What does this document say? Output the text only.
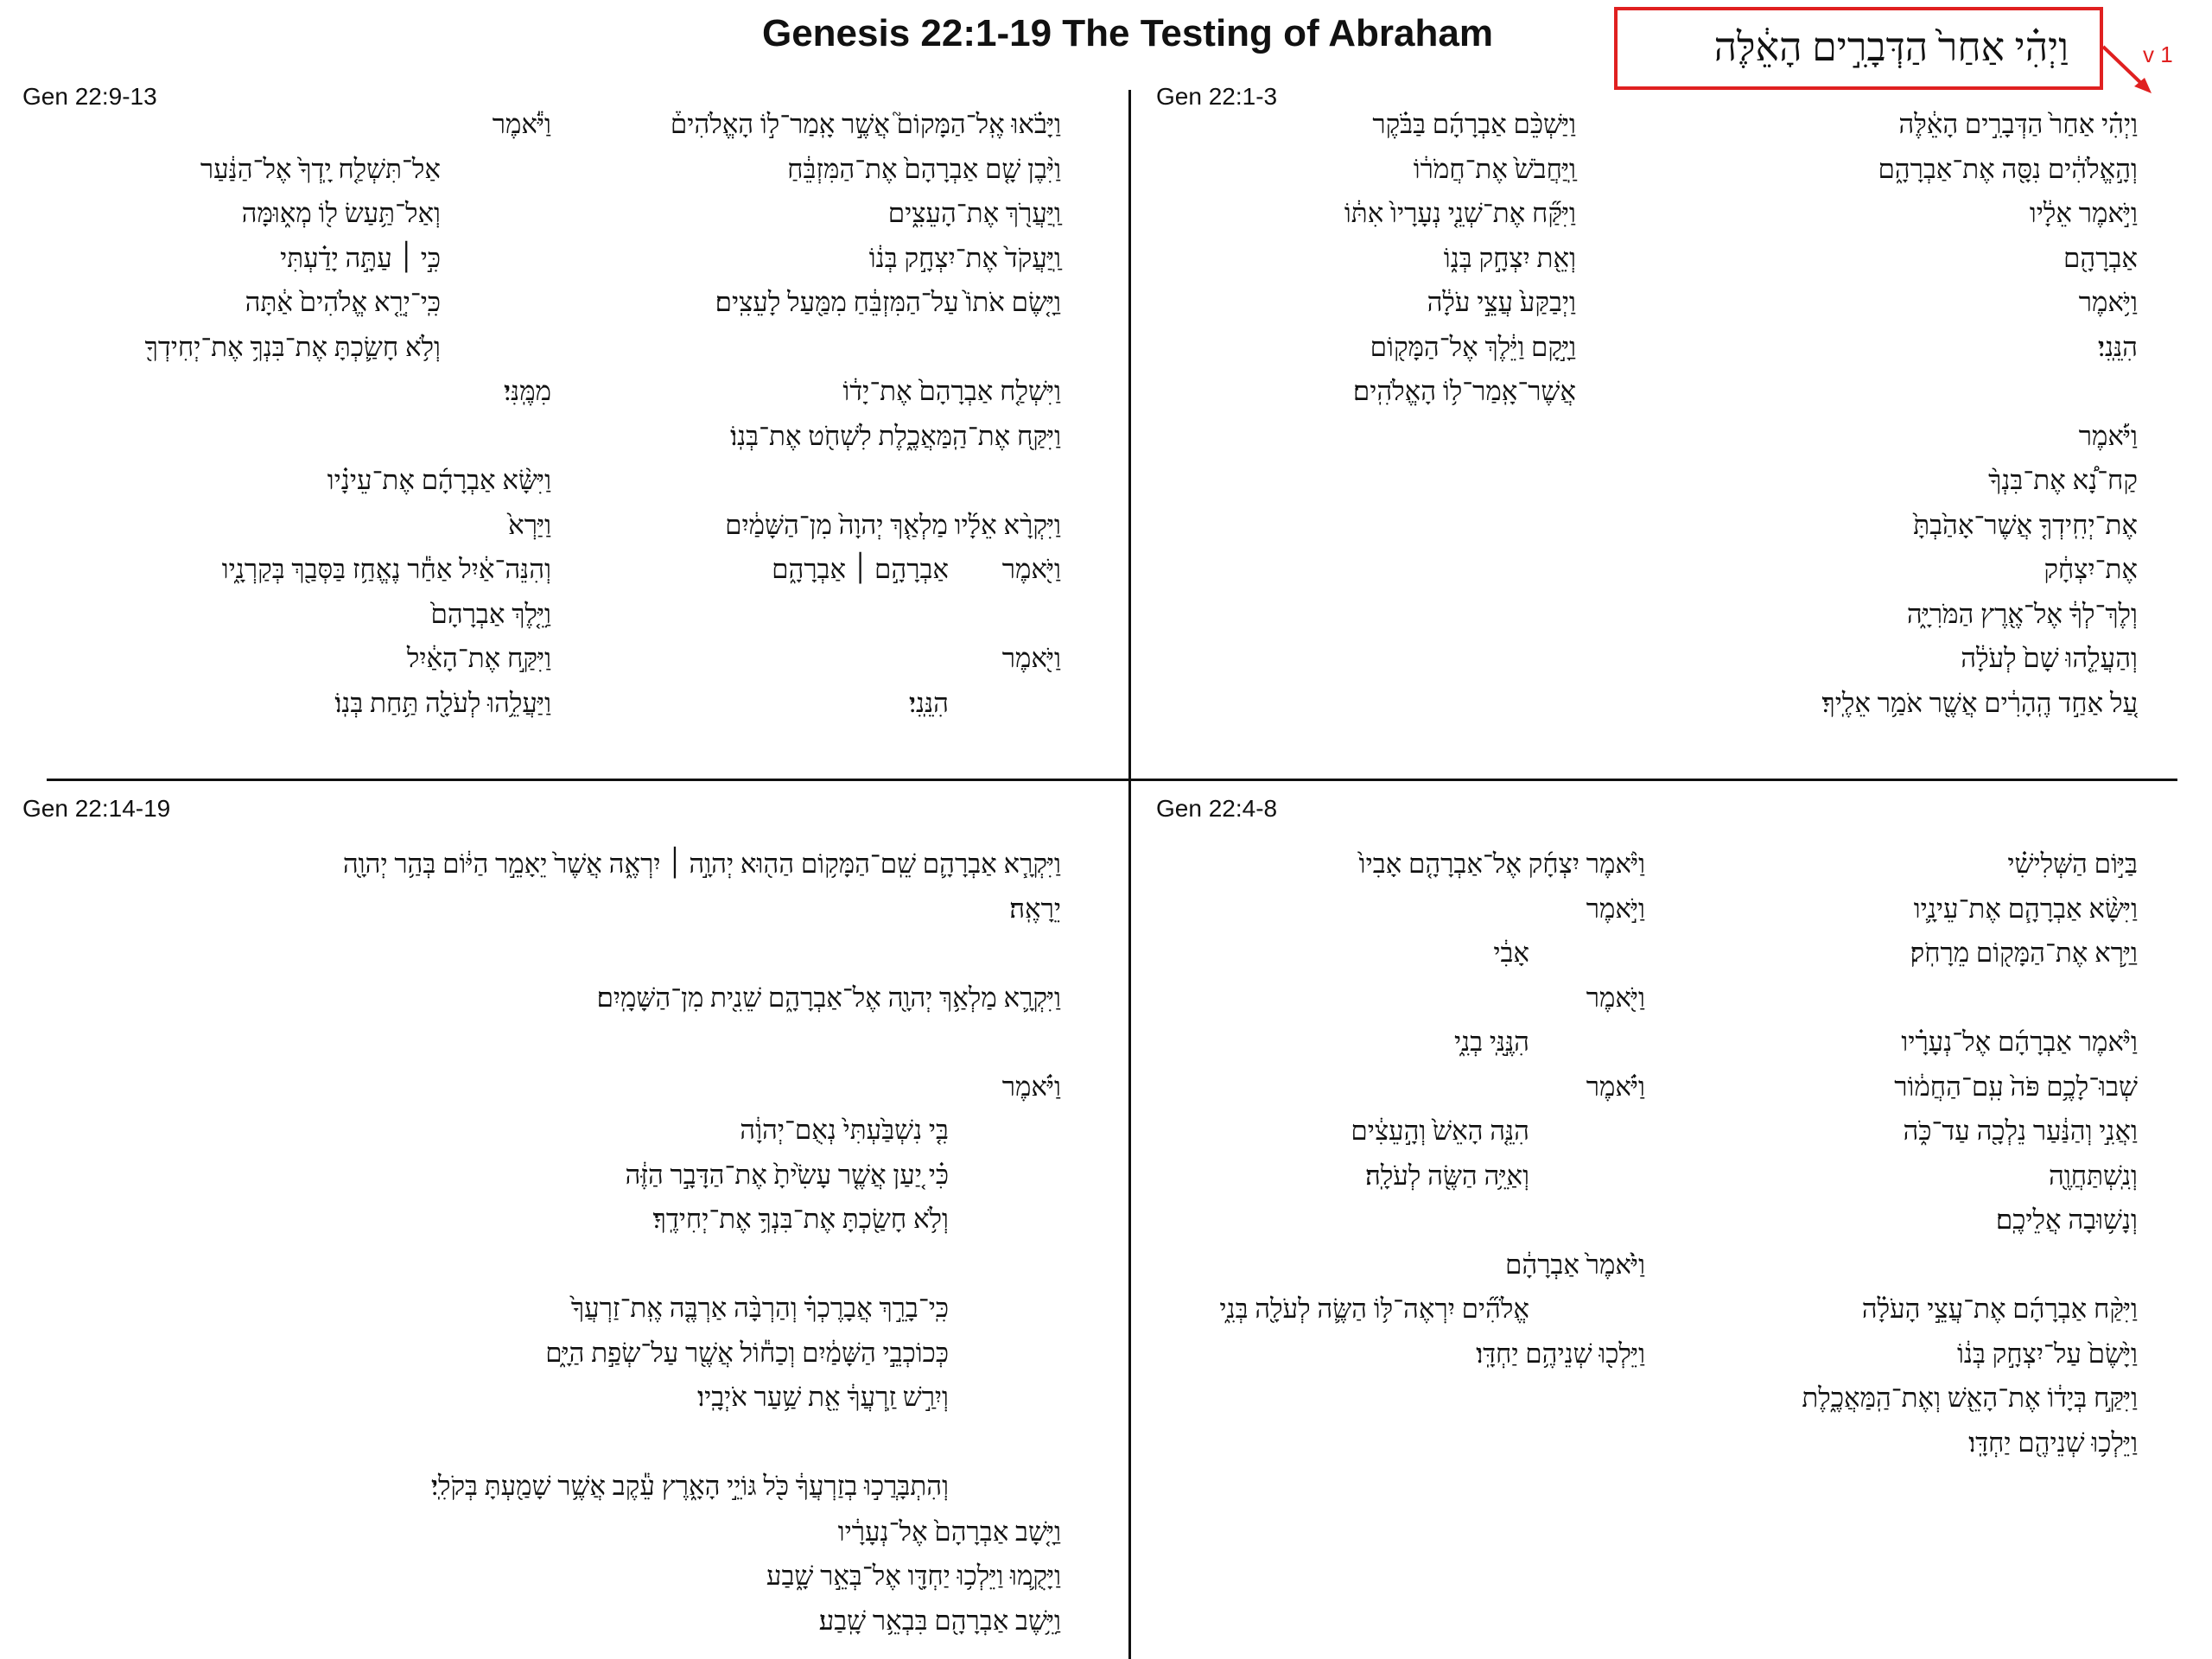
Genesis 22:1-19 The Testing of Abraham	וַיְהִ֗י אַחַר֙ הַדְּבָרִ֣ים הָאֵ֔לֶּה	v 1
Gen 22:9-13	Gen 22:1-3
Gen 22:14-19	Gen 22:4-8
וַיְהִ֗י אַחַר֙ הַדְּבָרִ֣ים הָאֵ֔לֶּה
וְהָ֣אֱלֹהִ֔ים נִסָּ֖ה אֶת־אַבְרָהָ֑ם
וַיֹּ֣אמֶר אֵלָ֔יו
אַבְרָהָ֖ם
וַיֹּ֥אמֶר
הִנֵּֽנִי׃
וַיֹּ֡אמֶר
קַח־נָ֠א אֶת־בִּנְךָ֨
אֶת־יְחִֽידְךָ֤ אֲשֶׁר־אָהַ֙בְתָּ֙
אֶת־יִצְחָ֔ק
וְלֶךְ־לְךָ֔ אֶל־אֶ֖רֶץ הַמֹּרִיָּ֑ה
וְהַעֲלֵ֤הוּ שָׁם֙ לְעֹלָ֔ה
עַ֚ל אַחַ֣ד הֶֽהָרִ֔ים אֲשֶׁ֖ר אֹמַ֥ר אֵלֶֽיךָ׃
וַיַּשְׁכֵּ֨ם אַבְרָהָ֜ם בַּבֹּ֗קֶר
וַֽיַּחֲבֹשׁ֙ אֶת־חֲמֹר֔וֹ
וַיִּקַּ֞ח אֶת־שְׁנֵ֤י נְעָרָיו֙ אִתּ֔וֹ
וְאֵ֖ת יִצְחָ֣ק בְּנ֑וֹ
וַיְבַקַּע֙ עֲצֵ֣י עֹלָ֔ה
וַיָּ֣קָם וַיֵּ֔לֶךְ אֶל־הַמָּק֖וֹם
אֲשֶׁר־אָֽמַר־ל֥וֹ הָאֱלֹהִֽים׃
וַיָּבֹ֗אוּ אֶֽל־הַמָּקוֹם֮ אֲשֶׁ֣ר אָֽמַר־ל֣וֹ הָאֱלֹהִים֒
וַיִּ֨בֶן שָׁ֤ם אַבְרָהָם֙ אֶת־הַמִּזְבֵּ֔חַ
וַֽיַּעֲרֹ֖ךְ אֶת־הָעֵצִ֑ים
וַֽיַּעֲקֹד֙ אֶת־יִצְחָ֣ק בְּנ֔וֹ
וַיָּ֤שֶׂם אֹתוֹ֙ עַל־הַמִּזְבֵּ֔חַ מִמַּ֖עַל לָעֵצִֽים׃
וַיִּשְׁלַ֤ח אַבְרָהָם֙ אֶת־יָד֔וֹ
וַיִּקַּ֖ח אֶת־הַֽמַּאֲכֶ֑לֶת לִשְׁחֹ֖ט אֶת־בְּנֽוֹ׃
וַיִּקְרָ֨א אֵלָ֜יו מַלְאַ֤ךְ יְהוָה֙ מִן־הַשָּׁמַ֔יִם
וַיֹּ֖אמֶר
וַיֹּ֖אמֶר
וַיֹּ֕אמֶר
מִמֶּֽנִּי׃
וַיִּשָּׂ֨א אַבְרָהָ֜ם אֶת־עֵינָ֗יו
וַיַּרְא֙
וְהִנֵּה־אַ֔יִל אַחַ֕ר נֶאֱחַ֥ז בַּסְּבַ֖ךְ בְּקַרְנָ֑יו
וַיֵּ֤לֶךְ אַבְרָהָם֙
וַיִּקַּ֣ח אֶת־הָאַ֔יִל
וַיַּעֲלֵ֥הוּ לְעֹלָ֖ה תַּ֥חַת בְּנֽוֹ׃
אַבְרָהָ֣ם ׀ אַבְרָהָ֑ם
הִנֵּֽנִי׃
אַל־תִּשְׁלַ֤ח יָֽדְךָ֙ אֶל־הַנַּ֔עַר
וְאַל־תַּ֥עַשׂ ל֖וֹ מְא֑וּמָּה
כִּ֣י ׀ עַתָּ֣ה יָדַ֗עְתִּי
כִּֽי־יְרֵ֤א אֱלֹהִים֙ אַ֔תָּה
וְלֹ֥א חָשַׂ֛כְתָּ אֶת־בִּנְךָ֥ אֶת־יְחִידְךָ֖
בַּיּ֣וֹם הַשְּׁלִישִׁ֗י
וַיִּשָּׂ֨א אַבְרָהָ֧ם אֶת־עֵינָ֛יו
וַיַּ֥רְא אֶת־הַמָּק֖וֹם מֵרָחֹֽק׃
וַיֹּ֨אמֶר אַבְרָהָ֜ם אֶל־נְעָרָ֗יו
שְׁבוּ־לָכֶ֥ם פֹּה֙ עִֽם־הַחֲמ֔וֹר
וַאֲנִ֣י וְהַנַּ֔עַר נֵלְכָ֖ה עַד־כֹּ֑ה
וְנִֽשְׁתַּחֲוֶ֖ה
וְנָשׁ֥וּבָה אֲלֵיכֶֽם׃
וַיִּקַּ֨ח אַבְרָהָ֜ם אֶת־עֲצֵ֣י הָעֹלָ֗ה
וַיָּ֙שֶׂם֙ עַל־יִצְחָ֣ק בְּנ֔וֹ
וַיִּקַּ֣ח בְּיָד֔וֹ אֶת־הָאֵ֖שׁ וְאֶת־הַֽמַּאֲכֶ֑לֶת
וַיֵּלְכ֥וּ שְׁנֵיהֶ֖ם יַחְדָּֽו׃
וַיֹּ֨אמֶר יִצְחָ֜ק אֶל־אַבְרָהָ֤ם אָבִיו֙
וַיֹּ֣אמֶר
וַיֹּ֖אמֶר
וַיֹּ֗אמֶר
וַיֹּ֙אמֶר֙ אַבְרָהָ֔ם
וַיֵּלְכ֖וּ שְׁנֵיהֶ֥ם יַחְדָּֽו׃
אָבִ֔י
הִנֶּ֣נִּֽי בְנִ֑י
הִנֵּ֤ה הָאֵשׁ֙ וְהָ֣עֵצִ֔ים
וְאַיֵּ֥ה הַשֶּׂ֖ה לְעֹלָֽה׃
אֱלֹהִ֞ים יִרְאֶה־לּ֥וֹ הַשֶּׂ֛ה לְעֹלָ֖ה בְּנִ֑י
וַיִּקְרָ֧א אַבְרָהָ֛ם שֵֽׁם־הַמָּק֥וֹם הַה֖וּא יְהוָ֣ה ׀ יִרְאֶ֑ה אֲשֶׁר֙ יֵאָמֵ֣ר הַיּ֔וֹם בְּהַ֥ר יְהוָ֖ה
יֵרָאֶֽה׃
וַיִּקְרָ֛א מַלְאַ֥ךְ יְהוָ֖ה אֶל־אַבְרָהָ֑ם שֵׁנִ֖ית מִן־הַשָּׁמָֽיִם׃
וַיֹּ֗אמֶר
וַיָּ֤שָׁב אַבְרָהָם֙ אֶל־נְעָרָ֔יו
וַיָּקֻ֛מוּ וַיֵּלְכ֥וּ יַחְדָּ֖ו אֶל־בְּאֵ֣ר שָׁ֑בַע
וַיֵּ֥שֶׁב אַבְרָהָ֖ם בִּבְאֵ֥ר שָֽׁבַע׃
בִּ֤י נִשְׁבַּ֙עְתִּי֙ נְאֻם־יְהוָ֔ה
כִּ֗י יַ֚עַן אֲשֶׁ֤ר עָשִׂ֙יתָ֙ אֶת־הַדָּבָ֣ר הַזֶּ֔ה
וְלֹ֥א חָשַׂ֖כְתָּ אֶת־בִּנְךָ֥ אֶת־יְחִידֶֽךָ׃
כִּֽי־בָרֵ֣ךְ אֲבָרֶכְךָ֗ וְהַרְבָּ֨ה אַרְבֶּ֤ה אֶֽת־זַרְעֲךָ֙
כְּכוֹכְבֵ֣י הַשָּׁמַ֔יִם וְכַח֕וֹל אֲשֶׁ֖ר עַל־שְׂפַ֣ת הַיָּ֑ם
וְיִרַ֣שׁ זַֽרְעֲךָ֔ אֵ֖ת שַׁ֥עַר אֹיְבָֽיו׃
וְהִתְבָּרֲכ֣וּ בְזַרְעֲךָ֔ כֹּ֖ל גּוֹיֵ֣י הָאָ֑רֶץ עֵ֕קֶב אֲשֶׁ֥ר שָׁמַ֖עְתָּ בְּקֹלִֽי׃
